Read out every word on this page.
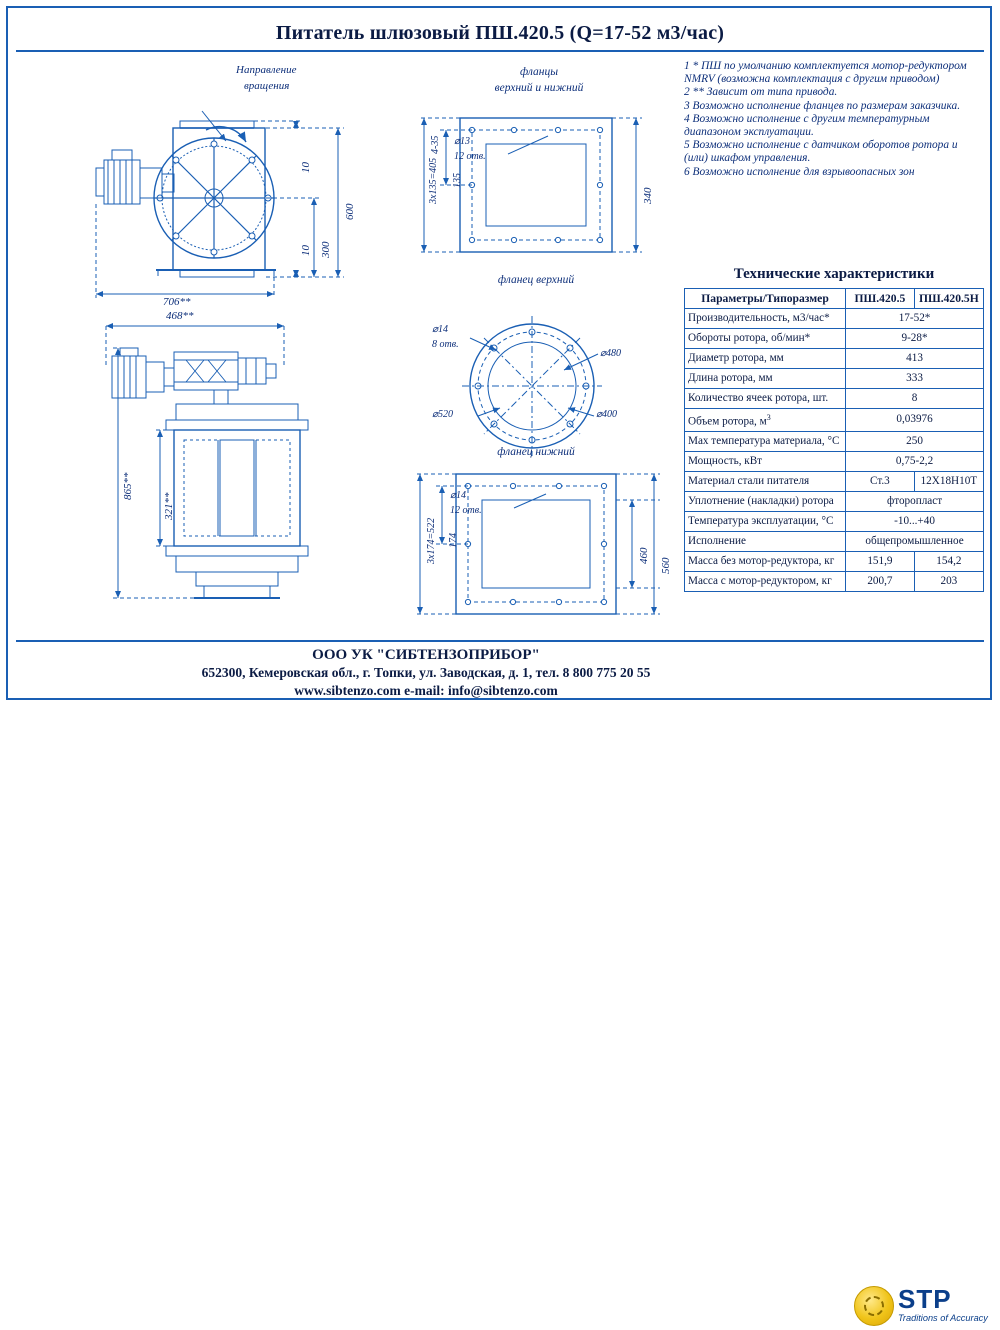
Питатель шлюзовый ПШ.420.5 (Q=17-52 м3/час)
Направление
вращения
600
300
10
10
706**
468**
865**
321**
фланцы
верхний и нижний
340
4-35
3х135=405 135
⌀13
12 отв.
фланец верхний
⌀14
8 отв.
⌀480
⌀520	⌀400
фланец нижний
⌀14
12 отв.
3х174=522 174
460
560
1 * ПШ по умолчанию комплектуется мотор-редуктором NMRV (возможна комплектация с другим приводом)
2 ** Зависит от типа привода.
3 Возможно исполнение фланцев по размерам заказчика.
4 Возможно исполнение с другим температурным диапазоном эксплуатации.
5 Возможно исполнение с датчиком оборотов ротора и (или) шкафом управления.
6 Возможно исполнение для взрывоопасных зон
Технические характеристики
Параметры/Типоразмер	ПШ.420.5	ПШ.420.5Н
Производительность, м3/час*	17-52*	
Обороты ротора, об/мин*	9-28*	
Диаметр ротора, мм	413	
Длина ротора, мм	333	
Количество ячеек ротора, шт.	8	
Объем ротора, $м^3$	0,03976	
Мах температура материала, °С	250	
Мощность, кВт	0,75-2,2	
Материал стали питателя	Ст.3	12Х18Н10Т
Уплотнение (накладки) ротора	фторопласт	
Температура эксплуатации, °С	-10...+40	
Исполнение	общепромышленное	
Масса без мотор-редуктора, кг	151,9	154,2
Масса с мотор-редуктором, кг	200,7	203
ООО УК "СИБТЕНЗОПРИБОР"
652300, Кемеровская обл., г. Топки, ул. Заводская, д. 1, тел. 8 800 775 20 55
www.sibtenzo.com e-mail: info@sibtenzo.com
STP
Traditions of Accuracy
